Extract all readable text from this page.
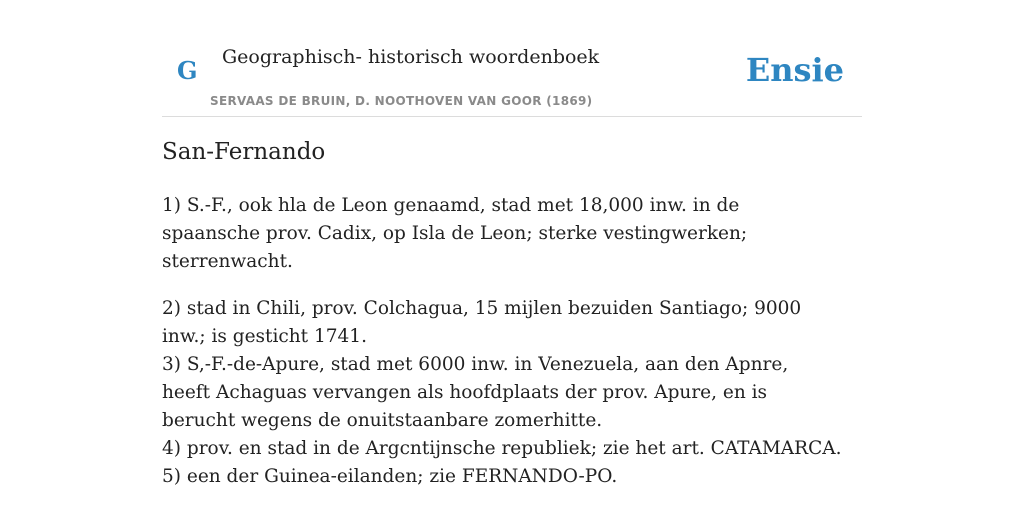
G Geographisch- historisch woordenboek
SERVAAS DE BRUIN, D. NOOTHOVEN VAN GOOR (1869)
Ensie
San-Fernando

1) S.-F., ook hla de Leon genaamd, stad met 18,000 inw. in de spaansche prov. Cadix, op Isla de Leon; sterke vestingwerken; sterrenwacht.

2) stad in Chili, prov. Colchagua, 15 mijlen bezuiden Santiago; 9000 inw.; is gesticht 1741.

3) S,-F.-de-Apure, stad met 6000 inw. in Venezuela, aan den Apnre, heeft Achaguas vervangen als hoofdplaats der prov. Apure, en is berucht wegens de onuitstaanbare zomerhitte.

4) prov. en stad in de Argcntijnsche republiek; zie het art. CATAMARCA.

5) een der Guinea-eilanden; zie FERNANDO-PO.
